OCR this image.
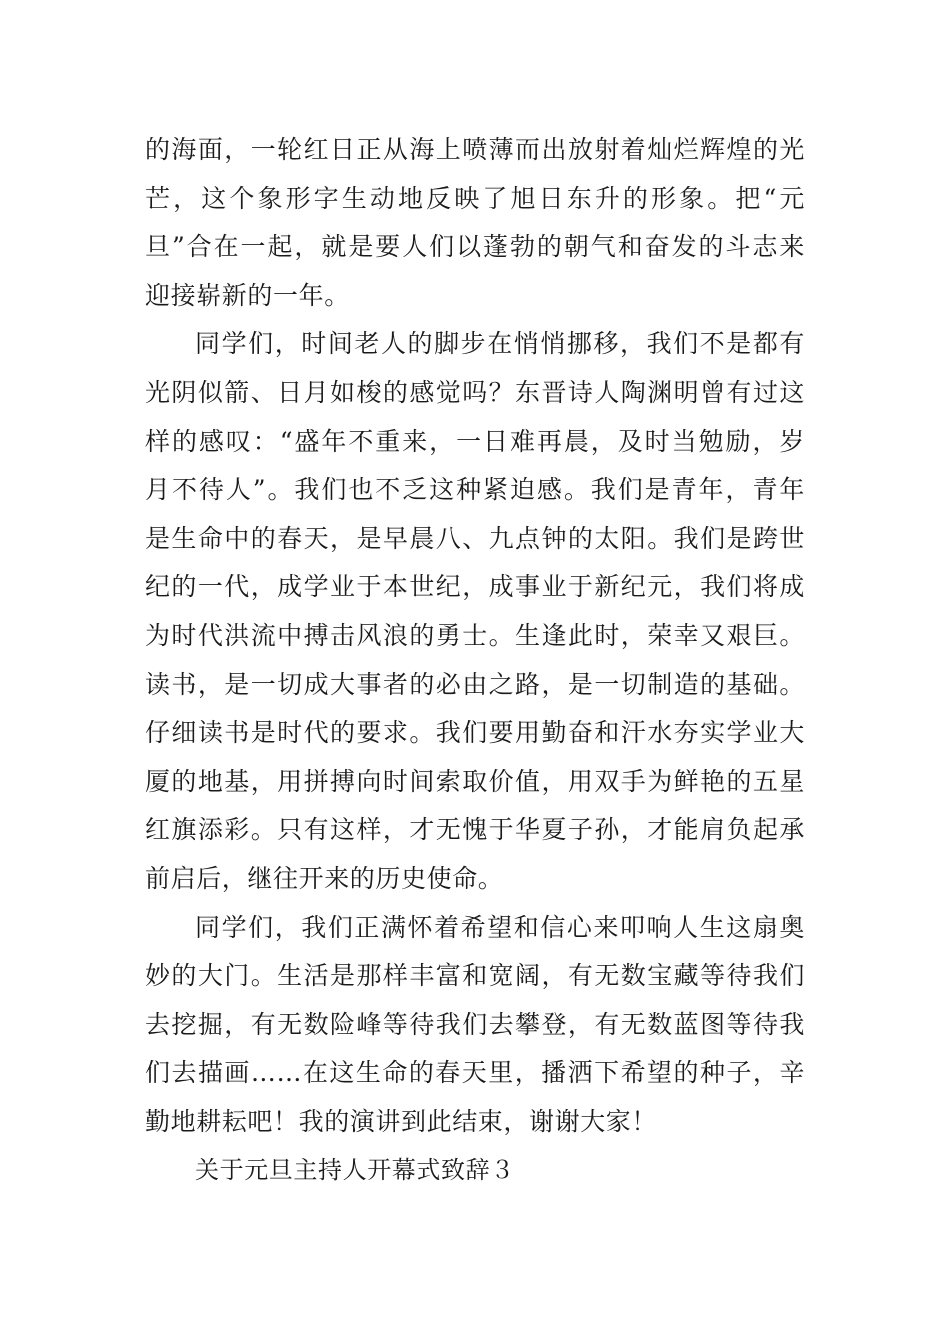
的海面，一轮红日正从海上喷薄而出放射着灿烂辉煌的光
芒，这个象形字生动地反映了旭日东升的形象。把“元
旦”合在一起，就是要人们以蓬勃的朝气和奋发的斗志来
迎接崭新的一年。
同学们，时间老人的脚步在悄悄挪移，我们不是都有
光阴似箭、日月如梭的感觉吗？东晋诗人陶渊明曾有过这
样的感叹：“盛年不重来，一日难再晨，及时当勉励，岁
月不待人”。我们也不乏这种紧迫感。我们是青年，青年
是生命中的春天，是早晨八、九点钟的太阳。我们是跨世
纪的一代，成学业于本世纪，成事业于新纪元，我们将成
为时代洪流中搏击风浪的勇士。生逢此时，荣幸又艰巨。
读书，是一切成大事者的必由之路，是一切制造的基础。
仔细读书是时代的要求。我们要用勤奋和汗水夯实学业大
厦的地基，用拼搏向时间索取价值，用双手为鲜艳的五星
红旗添彩。只有这样，才无愧于华夏子孙，才能肩负起承
前启后，继往开来的历史使命。
同学们，我们正满怀着希望和信心来叩响人生这扇奥
妙的大门。生活是那样丰富和宽阔，有无数宝藏等待我们
去挖掘，有无数险峰等待我们去攀登，有无数蓝图等待我
们去描画……在这生命的春天里，播洒下希望的种子，辛
勤地耕耘吧！我的演讲到此结束，谢谢大家！
关于元旦主持人开幕式致辞３
